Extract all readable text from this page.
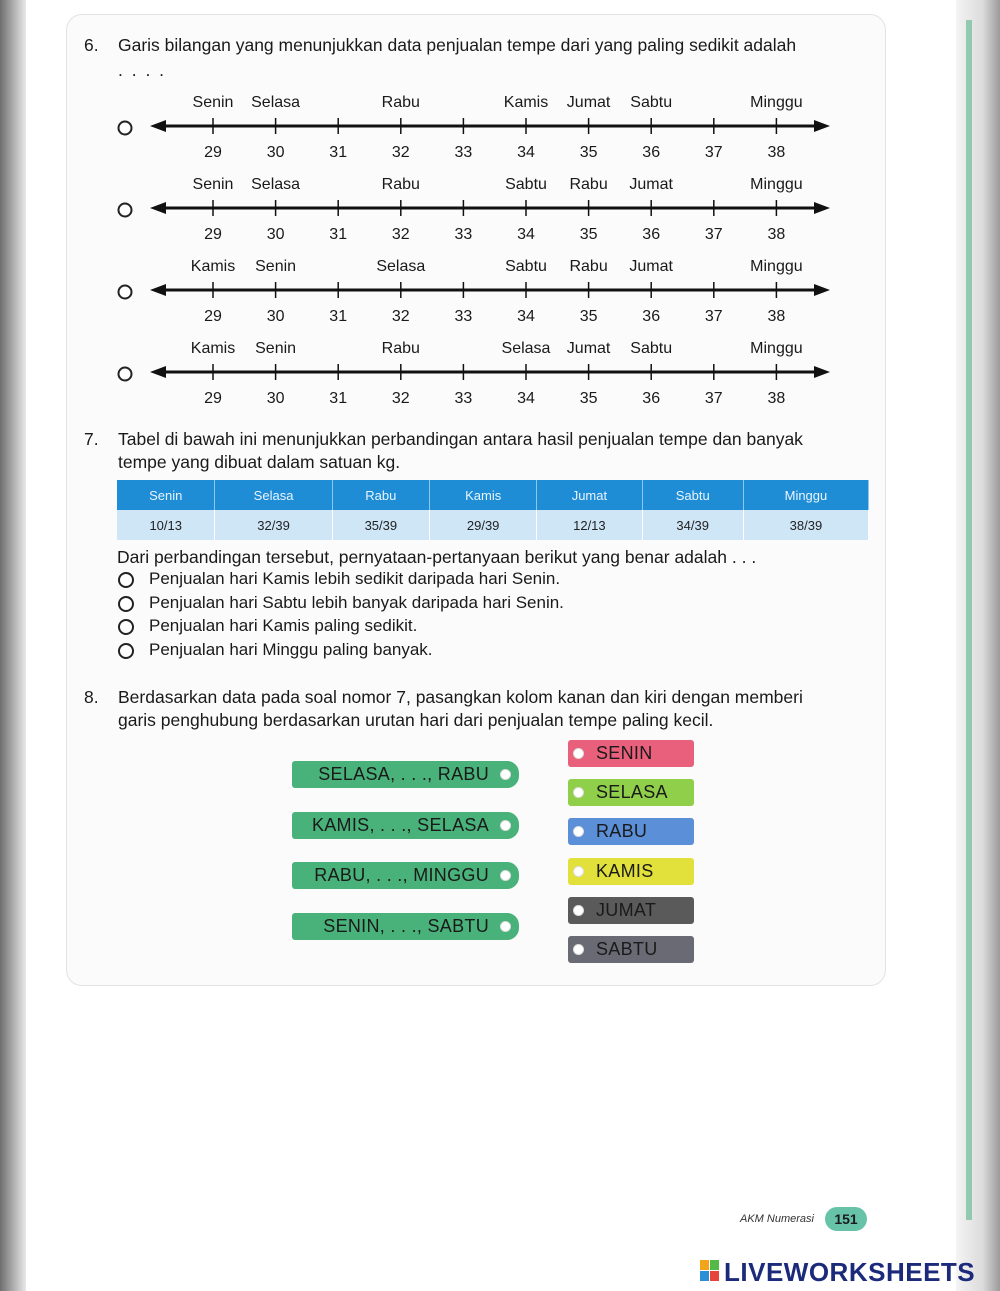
6. Garis bilangan yang menunjukkan data penjualan tempe dari yang paling sedikit adalah
. . . .
29	30	31	32	33	34	35	36	37	38
Senin Selasa	Rabu	Kamis Jumat Sabtu	Minggu
29	30	31	32	33	34	35	36	37	38
Senin Selasa	Rabu	Sabtu Rabu Jumat	Minggu
29	30	31	32	33	34	35	36	37	38
Kamis Senin	Selasa	Sabtu Rabu Jumat	Minggu
29	30	31	32	33	34	35	36	37	38
Kamis Senin	Rabu	Selasa Jumat Sabtu	Minggu
7. Tabel di bawah ini menunjukkan perbandingan antara hasil penjualan tempe dan banyak
tempe yang dibuat dalam satuan kg.
Senin	Selasa	Rabu	Kamis	Jumat	Sabtu	Minggu
10/13	32/39	35/39	29/39	12/13	34/39	38/39
Dari perbandingan tersebut, pernyataan-pertanyaan berikut yang benar adalah . . .
Penjualan hari Kamis lebih sedikit daripada hari Senin.
Penjualan hari Sabtu lebih banyak daripada hari Senin.
Penjualan hari Kamis paling sedikit.
Penjualan hari Minggu paling banyak.
8. Berdasarkan data pada soal nomor 7, pasangkan kolom kanan dan kiri dengan memberi
garis penghubung berdasarkan urutan hari dari penjualan tempe paling kecil.
SELASA, . . ., RABU
KAMIS, . . ., SELASA
RABU, . . ., MINGGU
SENIN, . . ., SABTU
SENIN
SELASA
RABU
KAMIS
JUMAT
SABTU
AKM Numerasi	151
LIVEWORKSHEETS
